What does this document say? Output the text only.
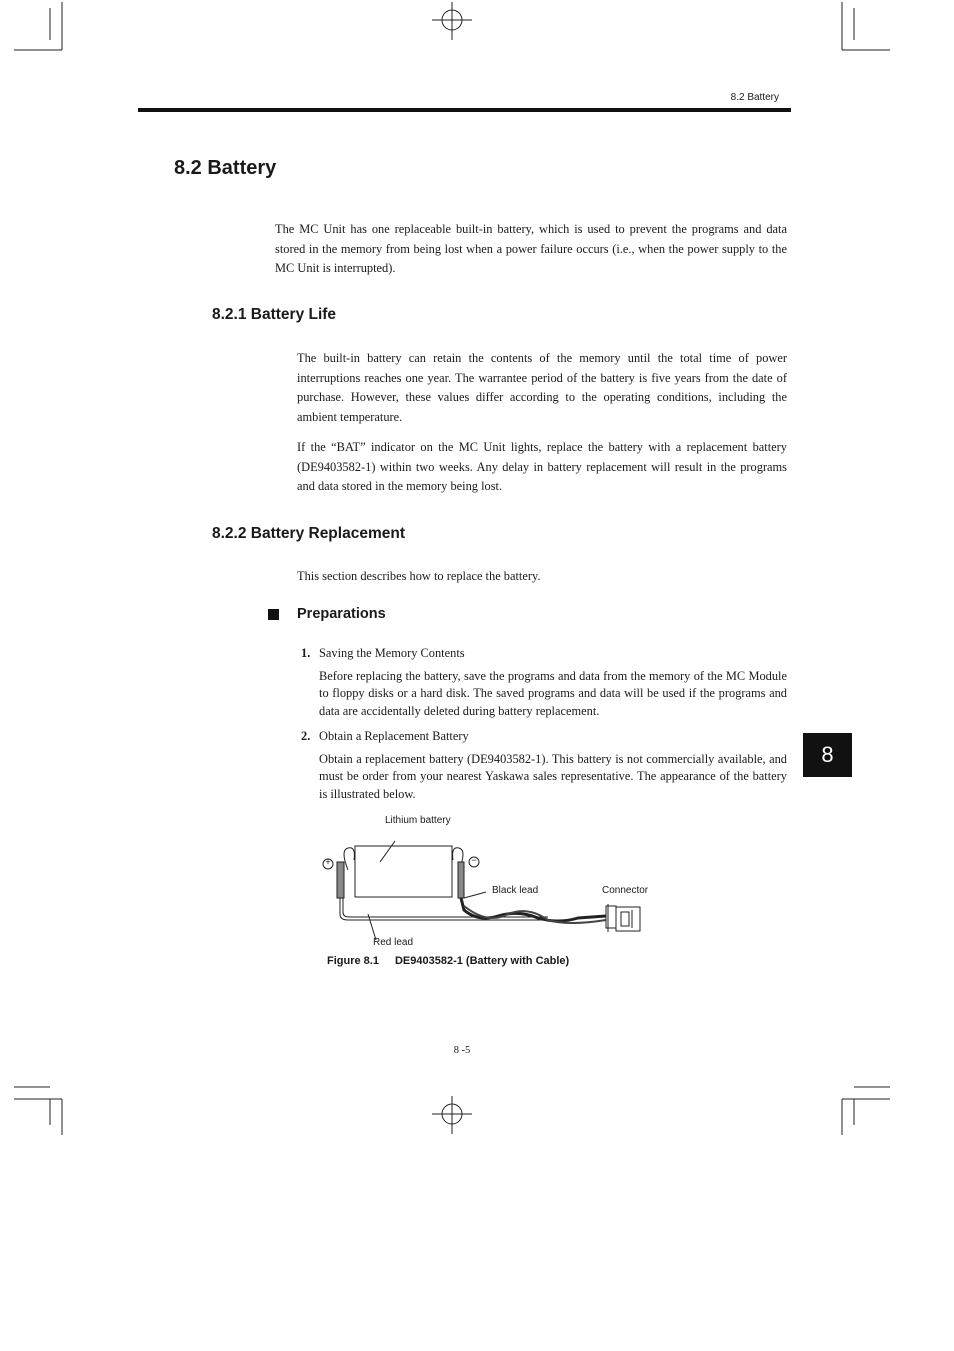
8.2 Battery
8.2 Battery
The MC Unit has one replaceable built-in battery, which is used to prevent the programs and data stored in the memory from being lost when a power failure occurs (i.e., when the power supply to the MC Unit is interrupted).
8.2.1 Battery Life
The built-in battery can retain the contents of the memory until the total time of power interruptions reaches one year. The warrantee period of the battery is five years from the date of purchase. However, these values differ according to the operating conditions, including the ambient temperature.
If the “BAT” indicator on the MC Unit lights, replace the battery with a replacement battery (DE9403582-1) within two weeks. Any delay in battery replacement will result in the programs and data stored in the memory being lost.
8.2.2 Battery Replacement
This section describes how to replace the battery.
Preparations
1. Saving the Memory Contents
Before replacing the battery, save the programs and data from the memory of the MC Module to floppy disks or a hard disk. The saved programs and data will be used if the programs and data are accidentally deleted during battery replacement.
2. Obtain a Replacement Battery
Obtain a replacement battery (DE9403582-1). This battery is not commercially available, and must be order from your nearest Yaskawa sales representative. The appearance of the battery is illustrated below.
8
Lithium battery
Black lead	Connector
Red lead
+	−
Figure 8.1 DE9403582-1 (Battery with Cable)
8 -5
